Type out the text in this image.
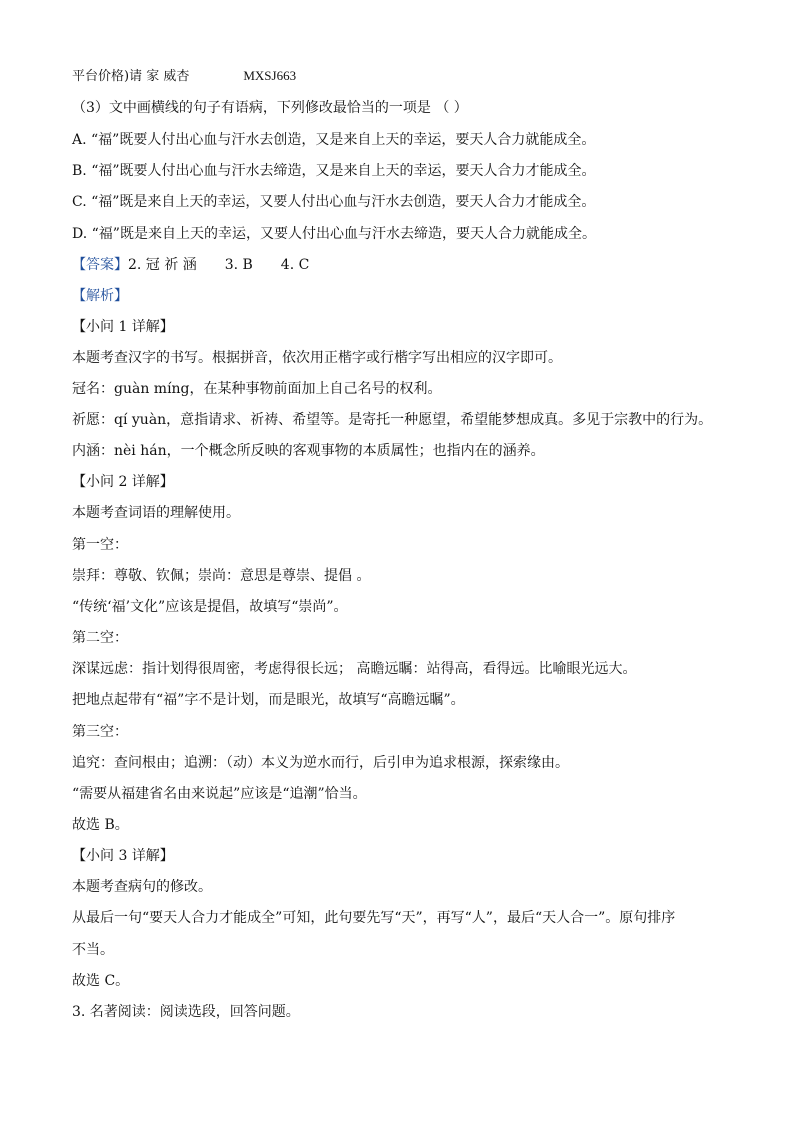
平台价格)请 家 威杏	MXSJ663
（3）文中画横线的句子有语病，下列修改最恰当的一项是 （ ）
A. “福”既要人付出心血与汗水去创造，又是来自上天的幸运，要天人合力就能成全。
B. “福”既要人付出心血与汗水去缔造，又是来自上天的幸运，要天人合力才能成全。
C. “福”既是来自上天的幸运，又要人付出心血与汗水去创造，要天人合力才能成全。
D. “福”既是来自上天的幸运，又要人付出心血与汗水去缔造，要天人合力就能成全。
【答案】2. 冠 祈 涵　　3. B　　4. C
【解析】
【小问 1 详解】
本题考查汉字的书写。根据拼音，依次用正楷字或行楷字写出相应的汉字即可。
冠名：guàn míng，在某种事物前面加上自己名号的权利。
祈愿：qí yuàn，意指请求、祈祷、希望等。是寄托一种愿望，希望能梦想成真。多见于宗教中的行为。
内涵：nèi hán，一个概念所反映的客观事物的本质属性；也指内在的涵养。
【小问 2 详解】
本题考查词语的理解使用。
第一空：
崇拜：尊敬、钦佩；崇尚：意思是尊崇、提倡 。
“传统‘福’文化”应该是提倡，故填写“崇尚”。
第二空：
深谋远虑：指计划得很周密，考虑得很长远； 高瞻远瞩：站得高，看得远。比喻眼光远大。
把地点起带有“福”字不是计划，而是眼光，故填写“高瞻远瞩”。
第三空：
追究：查问根由；追溯：（动）本义为逆水而行，后引申为追求根源，探索缘由。
“需要从福建省名由来说起”应该是“追潮”恰当。
故选 B。
【小问 3 详解】
本题考查病句的修改。
从最后一句“要天人合力才能成全”可知，此句要先写“天”，再写“人”，最后“天人合一”。原句排序
不当。
故选 C。
3. 名著阅读：阅读选段，回答问题。
